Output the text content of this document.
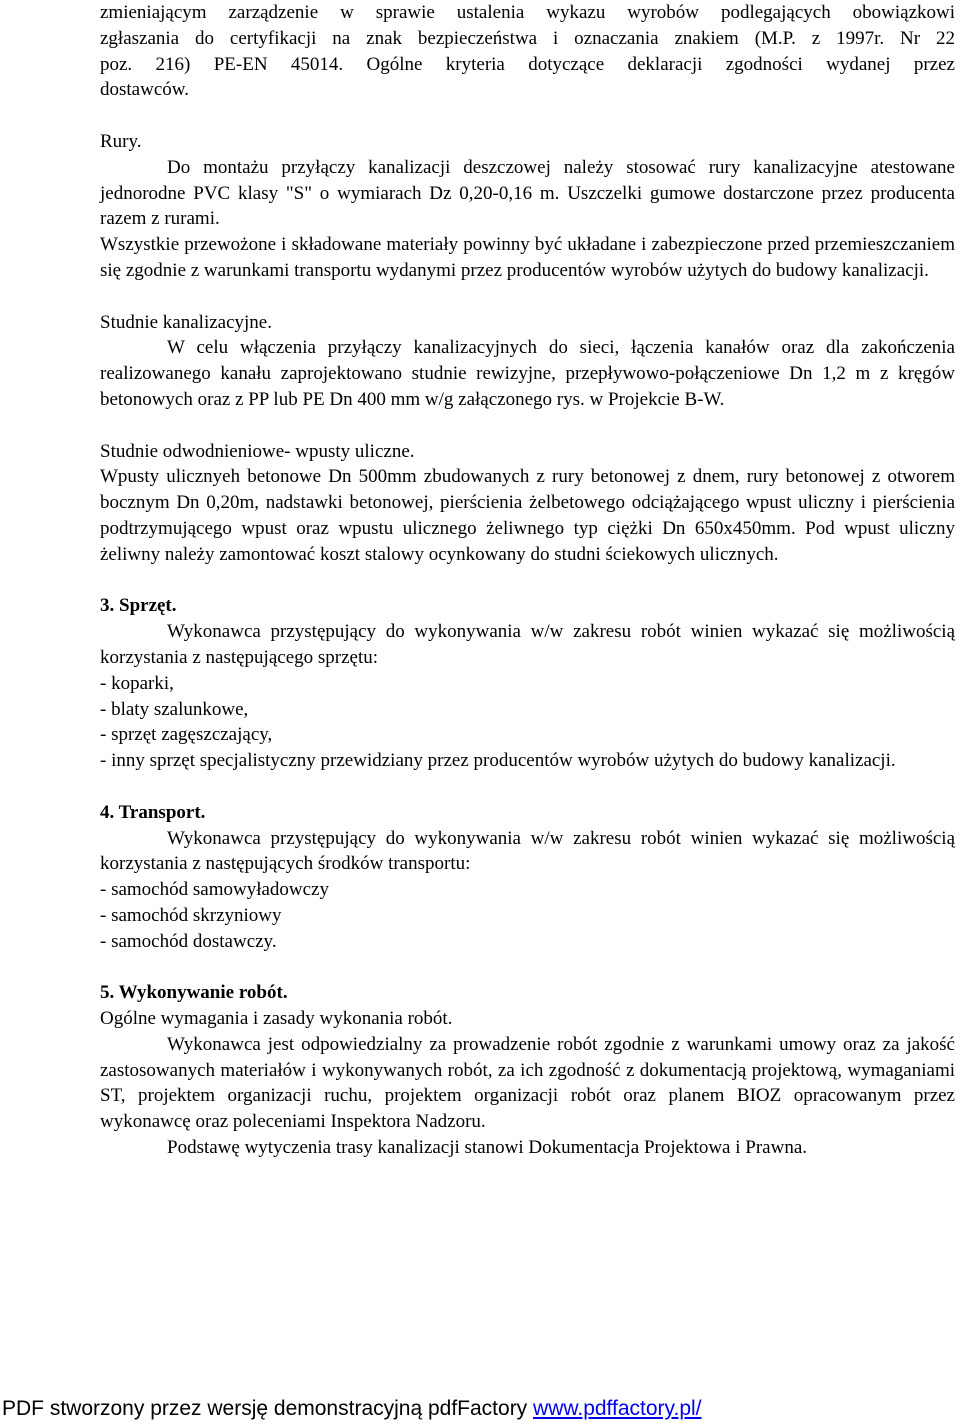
zmieniającym zarządzenie w sprawie ustalenia wykazu wyrobów podlegających obowiązkowi

zgłaszania do certyfikacji na znak bezpieczeństwa i oznaczania znakiem (M.P. z 1997r. Nr 22

poz. 216) PE-EN 45014. Ogólne kryteria dotyczące deklaracji zgodności wydanej przez

dostawców.

Rury.

Do montażu przyłączy kanalizacji deszczowej należy stosować rury kanalizacyjne atestowane jednorodne PVC klasy "S" o wymiarach Dz 0,20-0,16 m. Uszczelki gumowe dostarczone przez producenta razem z rurami.

Wszystkie przewożone i składowane materiały powinny być układane i zabezpieczone przed przemieszczaniem się zgodnie z warunkami transportu wydanymi przez producentów wyrobów użytych do budowy kanalizacji.

Studnie kanalizacyjne.

W celu włączenia przyłączy kanalizacyjnych do sieci, łączenia kanałów oraz dla zakończenia realizowanego kanału zaprojektowano studnie rewizyjne, przepływowo-połączeniowe Dn 1,2 m z kręgów betonowych oraz z PP lub PE Dn 400 mm w/g załączonego rys. w Projekcie B-W.

Studnie odwodnieniowe- wpusty uliczne.

Wpusty ulicznyeh betonowe Dn 500mm zbudowanych z rury betonowej z dnem, rury betonowej z otworem bocznym Dn 0,20m, nadstawki betonowej, pierścienia żelbetowego odciążającego wpust uliczny i pierścienia podtrzymującego wpust oraz wpustu ulicznego żeliwnego typ ciężki Dn 650x450mm. Pod wpust uliczny żeliwny należy zamontować koszt stalowy ocynkowany do studni ściekowych ulicznych.

3. Sprzęt.

Wykonawca przystępujący do wykonywania w/w zakresu robót winien wykazać się możliwością korzystania z następującego sprzętu:

- koparki,
- blaty szalunkowe,
- sprzęt zagęszczający,
- inny sprzęt specjalistyczny przewidziany przez producentów wyrobów użytych do budowy kanalizacji.

4. Transport.

Wykonawca przystępujący do wykonywania w/w zakresu robót winien wykazać się możliwością korzystania z następujących środków transportu:

- samochód samowyładowczy
- samochód skrzyniowy
- samochód dostawczy.

5. Wykonywanie robót.

Ogólne wymagania i zasady wykonania robót.

Wykonawca jest odpowiedzialny za prowadzenie robót zgodnie z warunkami umowy oraz za jakość zastosowanych materiałów i wykonywanych robót, za ich zgodność z dokumentacją projektową, wymaganiami ST, projektem organizacji ruchu, projektem organizacji robót oraz planem BIOZ opracowanym przez wykonawcę oraz poleceniami Inspektora Nadzoru.

Podstawę wytyczenia trasy kanalizacji stanowi Dokumentacja Projektowa i Prawna.

PDF stworzony przez wersję demonstracyjną pdfFactory www.pdffactory.pl/
